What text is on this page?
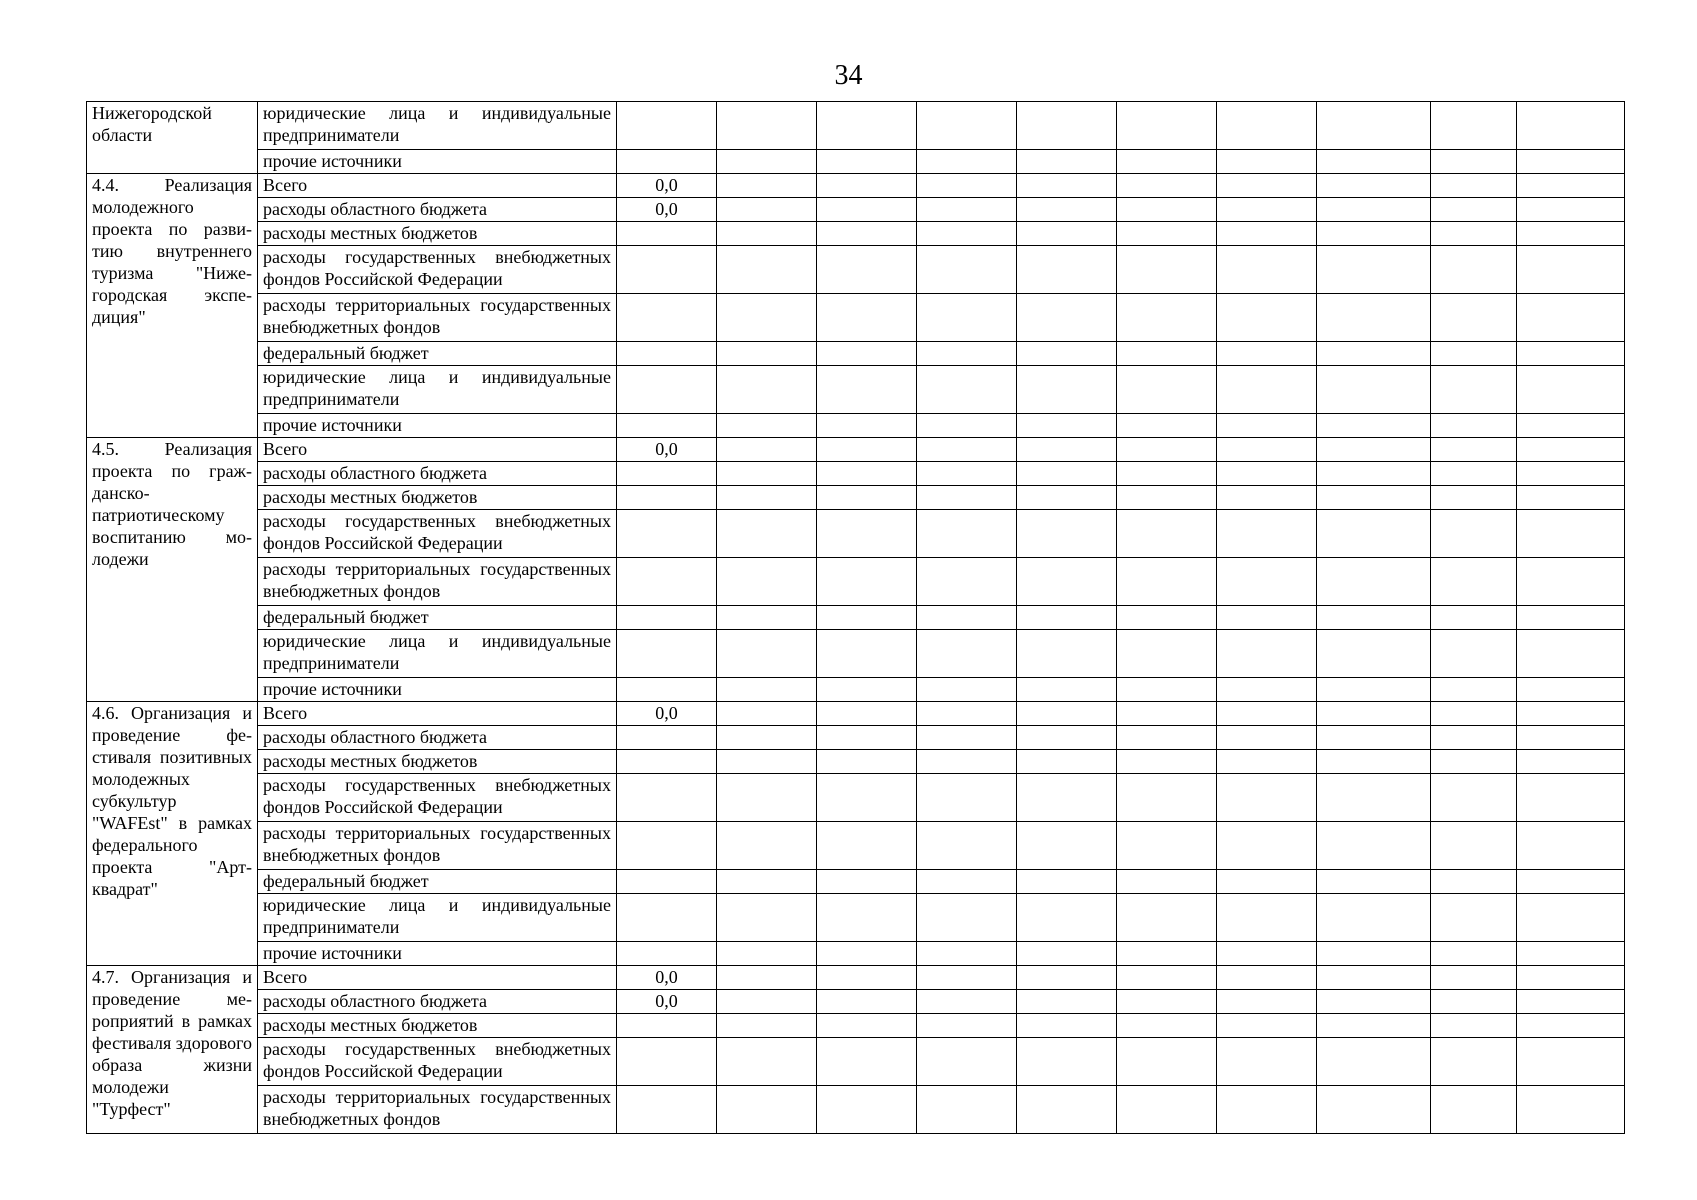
34
Нижегородской области	юридические лица и индивидуальные предприниматели										
	прочие источники										
4.4. Реализация молодежного проекта по развитию внутреннего туризма "Нижегородская экспедиция"	Всего	0,0									
	расходы областного бюджета	0,0									
	расходы местных бюджетов										
	расходы государственных внебюджетных фондов Российской Федерации										
	расходы территориальных государственных внебюджетных фондов										
	федеральный бюджет										
	юридические лица и индивидуальные предприниматели										
	прочие источники										
4.5. Реализация проекта по гражданско-патриотическому воспитанию молодежи	Всего	0,0									
	расходы областного бюджета										
	расходы местных бюджетов										
	расходы государственных внебюджетных фондов Российской Федерации										
	расходы территориальных государственных внебюджетных фондов										
	федеральный бюджет										
	юридические лица и индивидуальные предприниматели										
	прочие источники										
4.6. Организация и проведение фестиваля позитивных молодежных субкультур "WAFEst" в рамках федерального проекта "Арт-квадрат"	Всего	0,0									
	расходы областного бюджета										
	расходы местных бюджетов										
	расходы государственных внебюджетных фондов Российской Федерации										
	расходы территориальных государственных внебюджетных фондов										
	федеральный бюджет										
	юридические лица и индивидуальные предприниматели										
	прочие источники										
4.7. Организация и проведение мероприятий в рамках фестиваля здорового образа жизни молодежи "Турфест"	Всего	0,0									
	расходы областного бюджета	0,0									
	расходы местных бюджетов										
	расходы государственных внебюджетных фондов Российской Федерации										
	расходы территориальных государственных внебюджетных фондов										
